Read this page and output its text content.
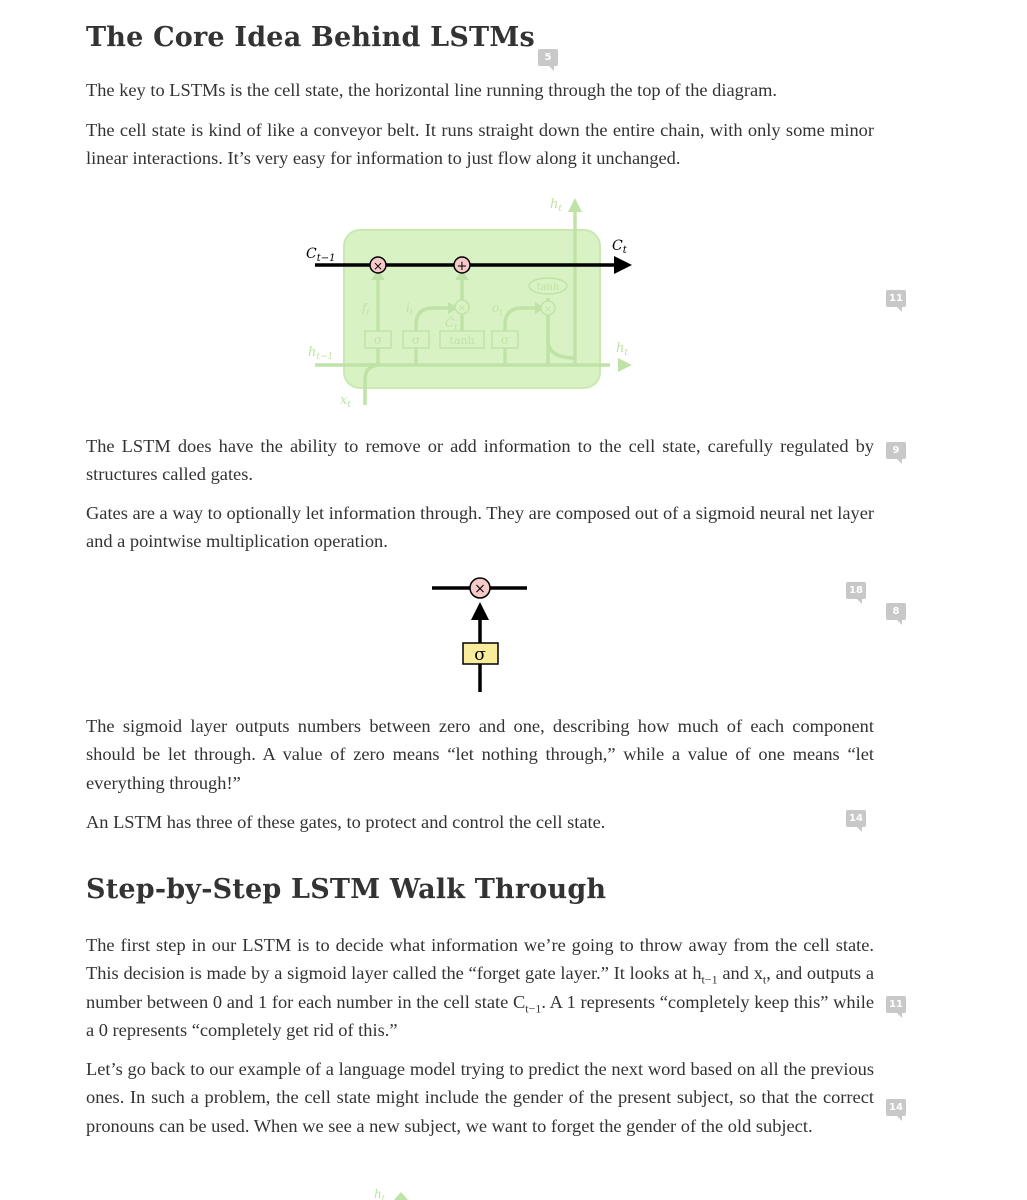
The Core Idea Behind LSTMs
5

The key to LSTMs is the cell state, the horizontal line running through the top of the diagram.

The cell state is kind of like a conveyor belt. It runs straight down the entire chain, with only some minor linear interactions. It’s very easy for information to just flow along it unchanged.

σ σ	tanh σ
tanh
×	×
$h_t$
$h_{t-1}$
$h_t$
$x_t$
$f_t$	$i_t$
$C̃_t$
$o_t$
×	+
$C_{t-1}$
$C_t$
11

The LSTM does have the ability to remove or add information to the cell state, carefully regulated by structures called gates.

9

Gates are a way to optionally let information through. They are composed out of a sigmoid neural net layer and a pointwise multiplication operation.

σ
×	18
8

The sigmoid layer outputs numbers between zero and one, describing how much of each component should be let through. A value of zero means “let nothing through,” while a value of one means “let everything through!”

An LSTM has three of these gates, to protect and control the cell state.	14
Step-by-Step LSTM Walk Through

The first step in our LSTM is to decide what information we’re going to throw away from the cell state. This decision is made by a sigmoid layer called the “forget gate layer.” It looks at $h_{t-1}$ and $x_t$, and outputs a number between 0 and 1 for each number in the cell state $C_{t-1}$. A 1 represents “completely keep this” while a 0 represents “completely get rid of this.”

11

Let’s go back to our example of a language model trying to predict the next word based on all the previous ones. In such a problem, the cell state might include the gender of the present subject, so that the correct pronouns can be used. When we see a new subject, we want to forget the gender of the old subject.

14
$h_t$
